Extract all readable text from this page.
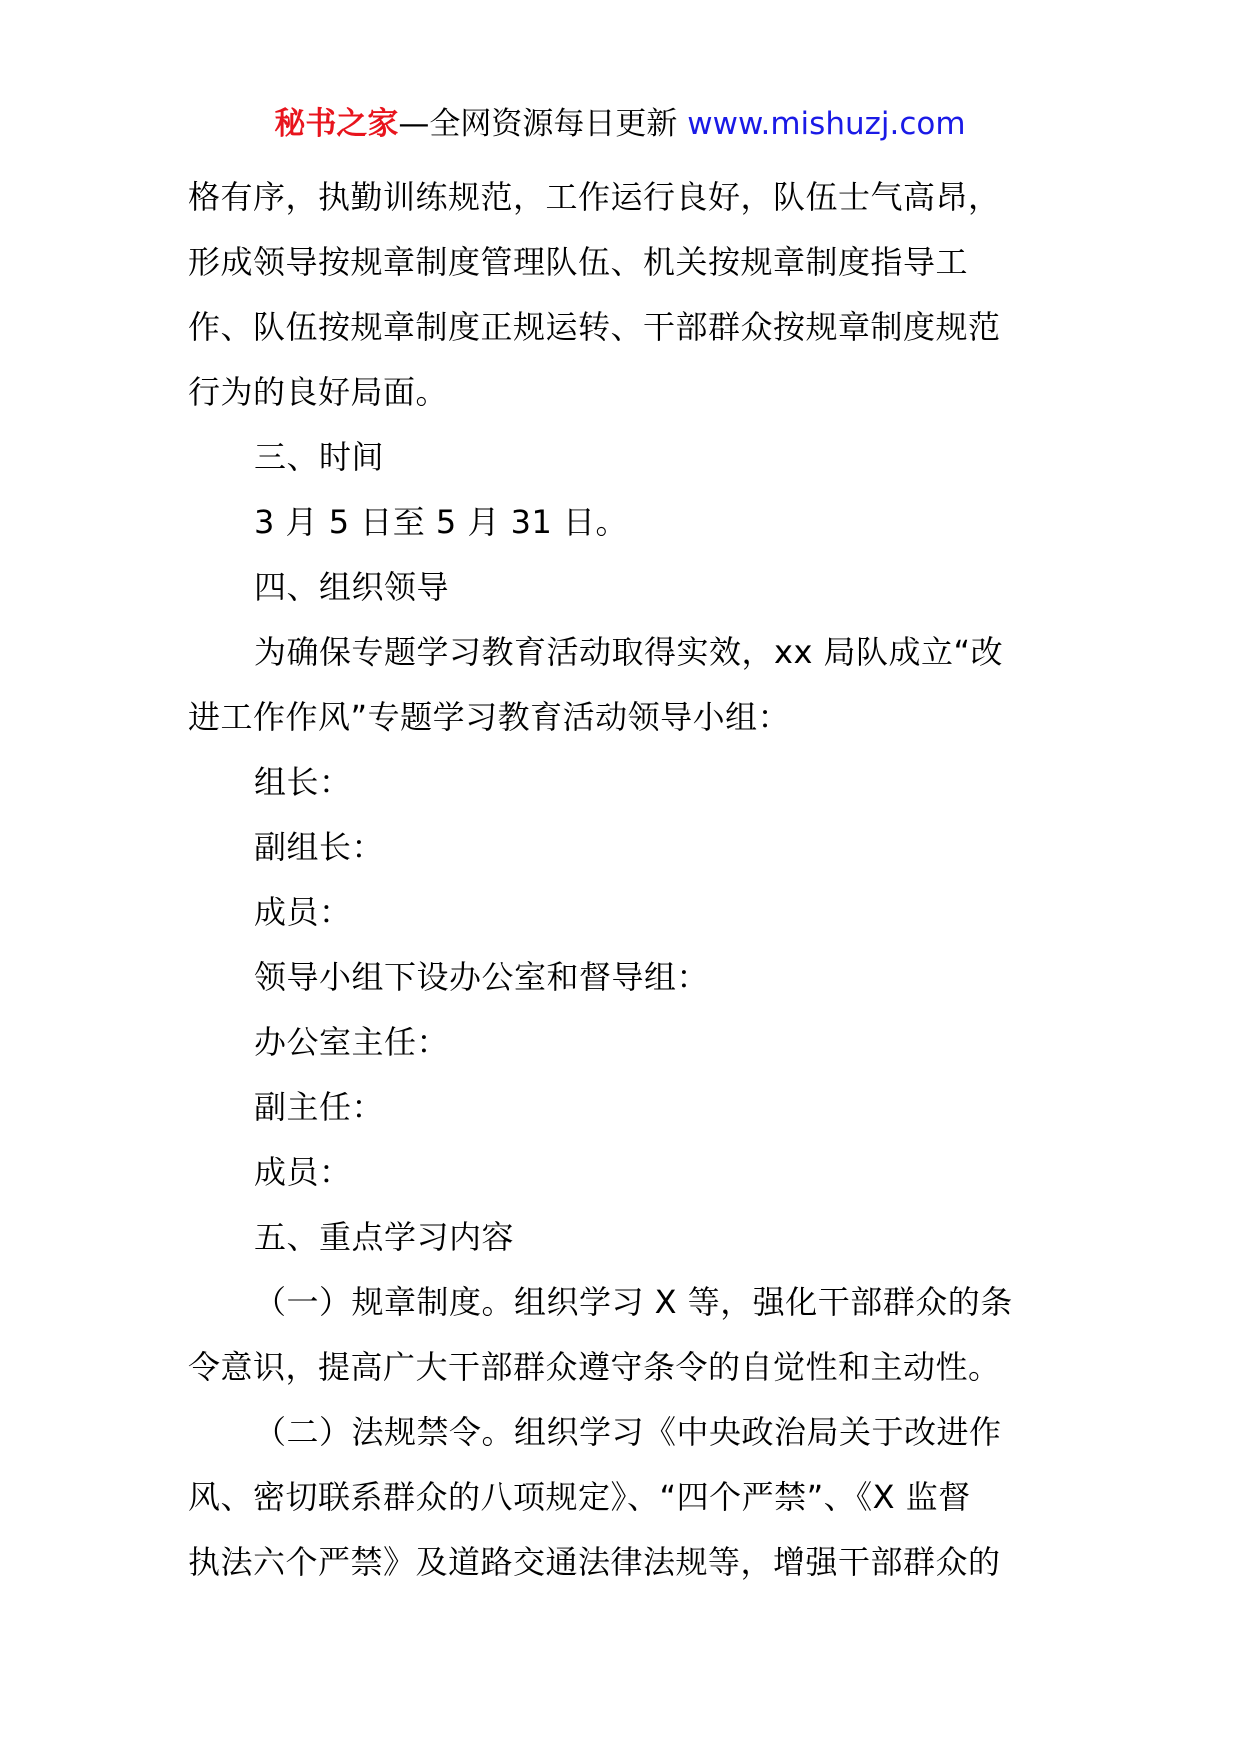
秘书之家—全网资源每日更新 www.mishuzj.com
格有序，执勤训练规范，工作运行良好，队伍士气高昂，
形成领导按规章制度管理队伍、机关按规章制度指导工
作、队伍按规章制度正规运转、干部群众按规章制度规范
行为的良好局面。
三、时间
3 月 5 日至 5 月 31 日。
四、组织领导
为确保专题学习教育活动取得实效，xx 局队成立“改
进工作作风”专题学习教育活动领导小组：
组长：
副组长：
成员：
领导小组下设办公室和督导组：
办公室主任：
副主任：
成员：
五、重点学习内容
（一）规章制度。组织学习 X 等，强化干部群众的条
令意识，提高广大干部群众遵守条令的自觉性和主动性。
（二）法规禁令。组织学习《中央政治局关于改进作
风、密切联系群众的八项规定》、“四个严禁”、《X 监督
执法六个严禁》及道路交通法律法规等，增强干部群众的
